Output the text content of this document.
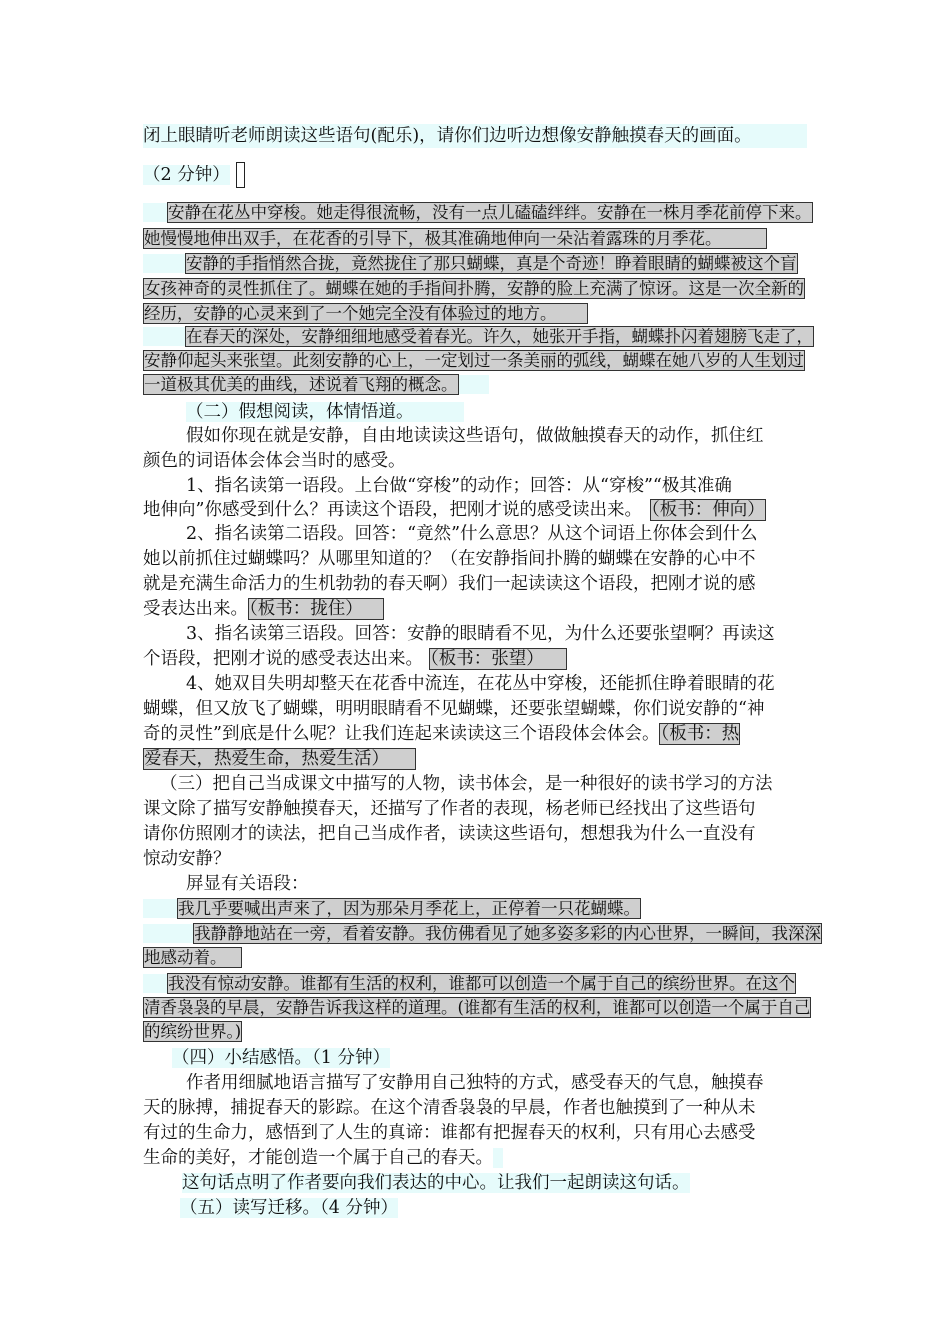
闭上眼睛听老师朗读这些语句(配乐)，请你们边听边想像安静触摸春天的画面。
（2 分钟）
安静在花丛中穿梭。她走得很流畅，没有一点儿磕磕绊绊。安静在一株月季花前停下来。
她慢慢地伸出双手，在花香的引导下，极其准确地伸向一朵沾着露珠的月季花。
安静的手指悄然合拢，竟然拢住了那只蝴蝶，真是个奇迹！睁着眼睛的蝴蝶被这个盲
女孩神奇的灵性抓住了。蝴蝶在她的手指间扑腾，安静的脸上充满了惊讶。这是一次全新的
经历，安静的心灵来到了一个她完全没有体验过的地方。
在春天的深处，安静细细地感受着春光。许久，她张开手指，蝴蝶扑闪着翅膀飞走了，
安静仰起头来张望。此刻安静的心上，一定划过一条美丽的弧线，蝴蝶在她八岁的人生划过
一道极其优美的曲线，述说着飞翔的概念。
（二）假想阅读，体情悟道。
假如你现在就是安静，自由地读读这些语句，做做触摸春天的动作，抓住红
颜色的词语体会体会当时的感受。
1、指名读第一语段。上台做“穿梭”的动作；回答：从“穿梭”“极其准确
地伸向”你感受到什么？再读这个语段，把刚才说的感受读出来。 （板书：伸向）
2、指名读第二语段。回答：“竟然”什么意思？从这个词语上你体会到什么
她以前抓住过蝴蝶吗？从哪里知道的？（在安静指间扑腾的蝴蝶在安静的心中不
就是充满生命活力的生机勃勃的春天啊）我们一起读读这个语段，把刚才说的感
受表达出来。（板书：拢住）
3、指名读第三语段。回答：安静的眼睛看不见，为什么还要张望啊？再读这
个语段，把刚才说的感受表达出来。 （板书：张望）
4、她双目失明却整天在花香中流连，在花丛中穿梭，还能抓住睁着眼睛的花
蝴蝶，但又放飞了蝴蝶，明明眼睛看不见蝴蝶，还要张望蝴蝶，你们说安静的“神
奇的灵性”到底是什么呢？让我们连起来读读这三个语段体会体会。（板书：热
爱春天，热爱生命，热爱生活）
（三）把自己当成课文中描写的人物，读书体会，是一种很好的读书学习的方法
课文除了描写安静触摸春天，还描写了作者的表现，杨老师已经找出了这些语句
请你仿照刚才的读法，把自己当成作者，读读这些语句，想想我为什么一直没有
惊动安静？
屏显有关语段：
我几乎要喊出声来了，因为那朵月季花上，正停着一只花蝴蝶。
我静静地站在一旁，看着安静。我仿佛看见了她多姿多彩的内心世界，一瞬间，我深深
地感动着。
我没有惊动安静。谁都有生活的权利，谁都可以创造一个属于自己的缤纷世界。在这个
清香袅袅的早晨，安静告诉我这样的道理。(谁都有生活的权利，谁都可以创造一个属于自己
的缤纷世界。)
（四）小结感悟。（1 分钟）
作者用细腻地语言描写了安静用自己独特的方式，感受春天的气息，触摸春
天的脉搏，捕捉春天的影踪。在这个清香袅袅的早晨，作者也触摸到了一种从未
有过的生命力，感悟到了人生的真谛：谁都有把握春天的权利，只有用心去感受
生命的美好，才能创造一个属于自己的春天。
这句话点明了作者要向我们表达的中心。让我们一起朗读这句话。
（五）读写迁移。（4 分钟）
